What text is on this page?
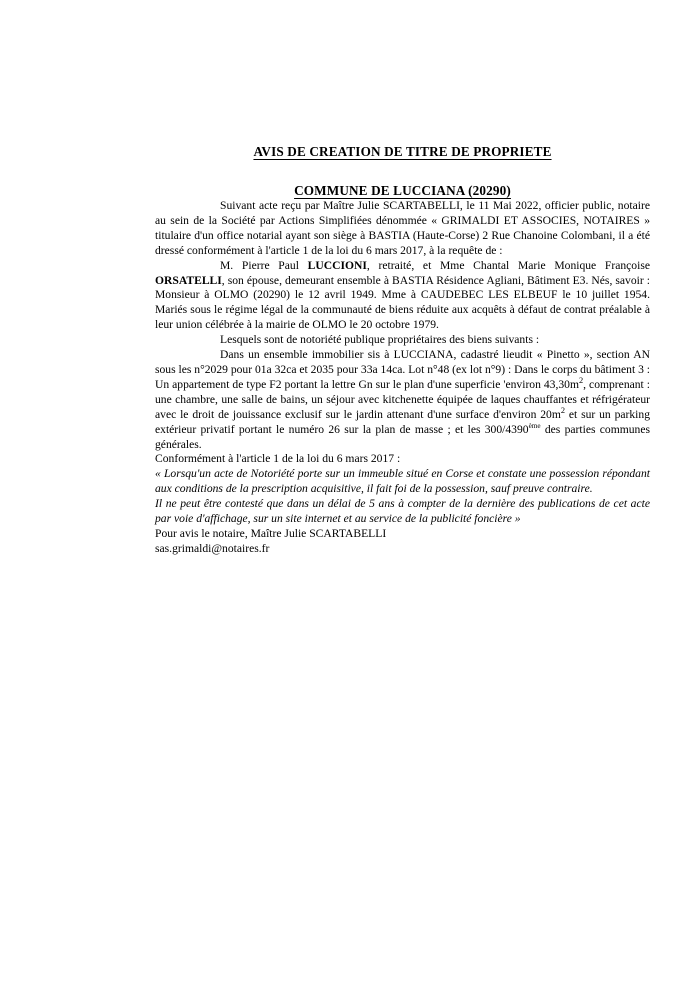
AVIS DE CREATION DE TITRE DE PROPRIETE
COMMUNE DE LUCCIANA (20290)

Suivant acte reçu par Maître Julie SCARTABELLI, le 11 Mai 2022, officier public, notaire au sein de la Société par Actions Simplifiées dénommée « GRIMALDI ET ASSOCIES, NOTAIRES » titulaire d'un office notarial ayant son siège à BASTIA (Haute-Corse) 2 Rue Chanoine Colombani, il a été dressé conformément à l'article 1 de la loi du 6 mars 2017, à la requête de :

M. Pierre Paul LUCCIONI, retraité, et Mme Chantal Marie Monique Françoise ORSATELLI, son épouse, demeurant ensemble à BASTIA Résidence Agliani, Bâtiment E3. Nés, savoir : Monsieur à OLMO (20290) le 12 avril 1949. Mme à CAUDEBEC LES ELBEUF le 10 juillet 1954. Mariés sous le régime légal de la communauté de biens réduite aux acquêts à défaut de contrat préalable à leur union célébrée à la mairie de OLMO le 20 octobre 1979.

Lesquels sont de notoriété publique propriétaires des biens suivants :

Dans un ensemble immobilier sis à LUCCIANA, cadastré lieudit « Pinetto », section AN sous les n°2029 pour 01a 32ca et 2035 pour 33a 14ca. Lot n°48 (ex lot n°9) : Dans le corps du bâtiment 3 : Un appartement de type F2 portant la lettre Gn sur le plan d'une superficie 'environ $43,30m^2$, comprenant : une chambre, une salle de bains, un séjour avec kitchenette équipée de laques chauffantes et réfrigérateur avec le droit de jouissance exclusif sur le jardin attenant d'une surface d'environ $20m^2$ et sur un parking extérieur privatif portant le numéro 26 sur la plan de masse ; et les 300/4390ème des parties communes générales.

Conformément à l'article 1 de la loi du 6 mars 2017 :

« Lorsqu'un acte de Notoriété porte sur un immeuble situé en Corse et constate une possession répondant aux conditions de la prescription acquisitive, il fait foi de la possession, sauf preuve contraire.

Il ne peut être contesté que dans un délai de 5 ans à compter de la dernière des publications de cet acte par voie d'affichage, sur un site internet et au service de la publicité foncière »

Pour avis le notaire, Maître Julie SCARTABELLI

sas.grimaldi@notaires.fr
